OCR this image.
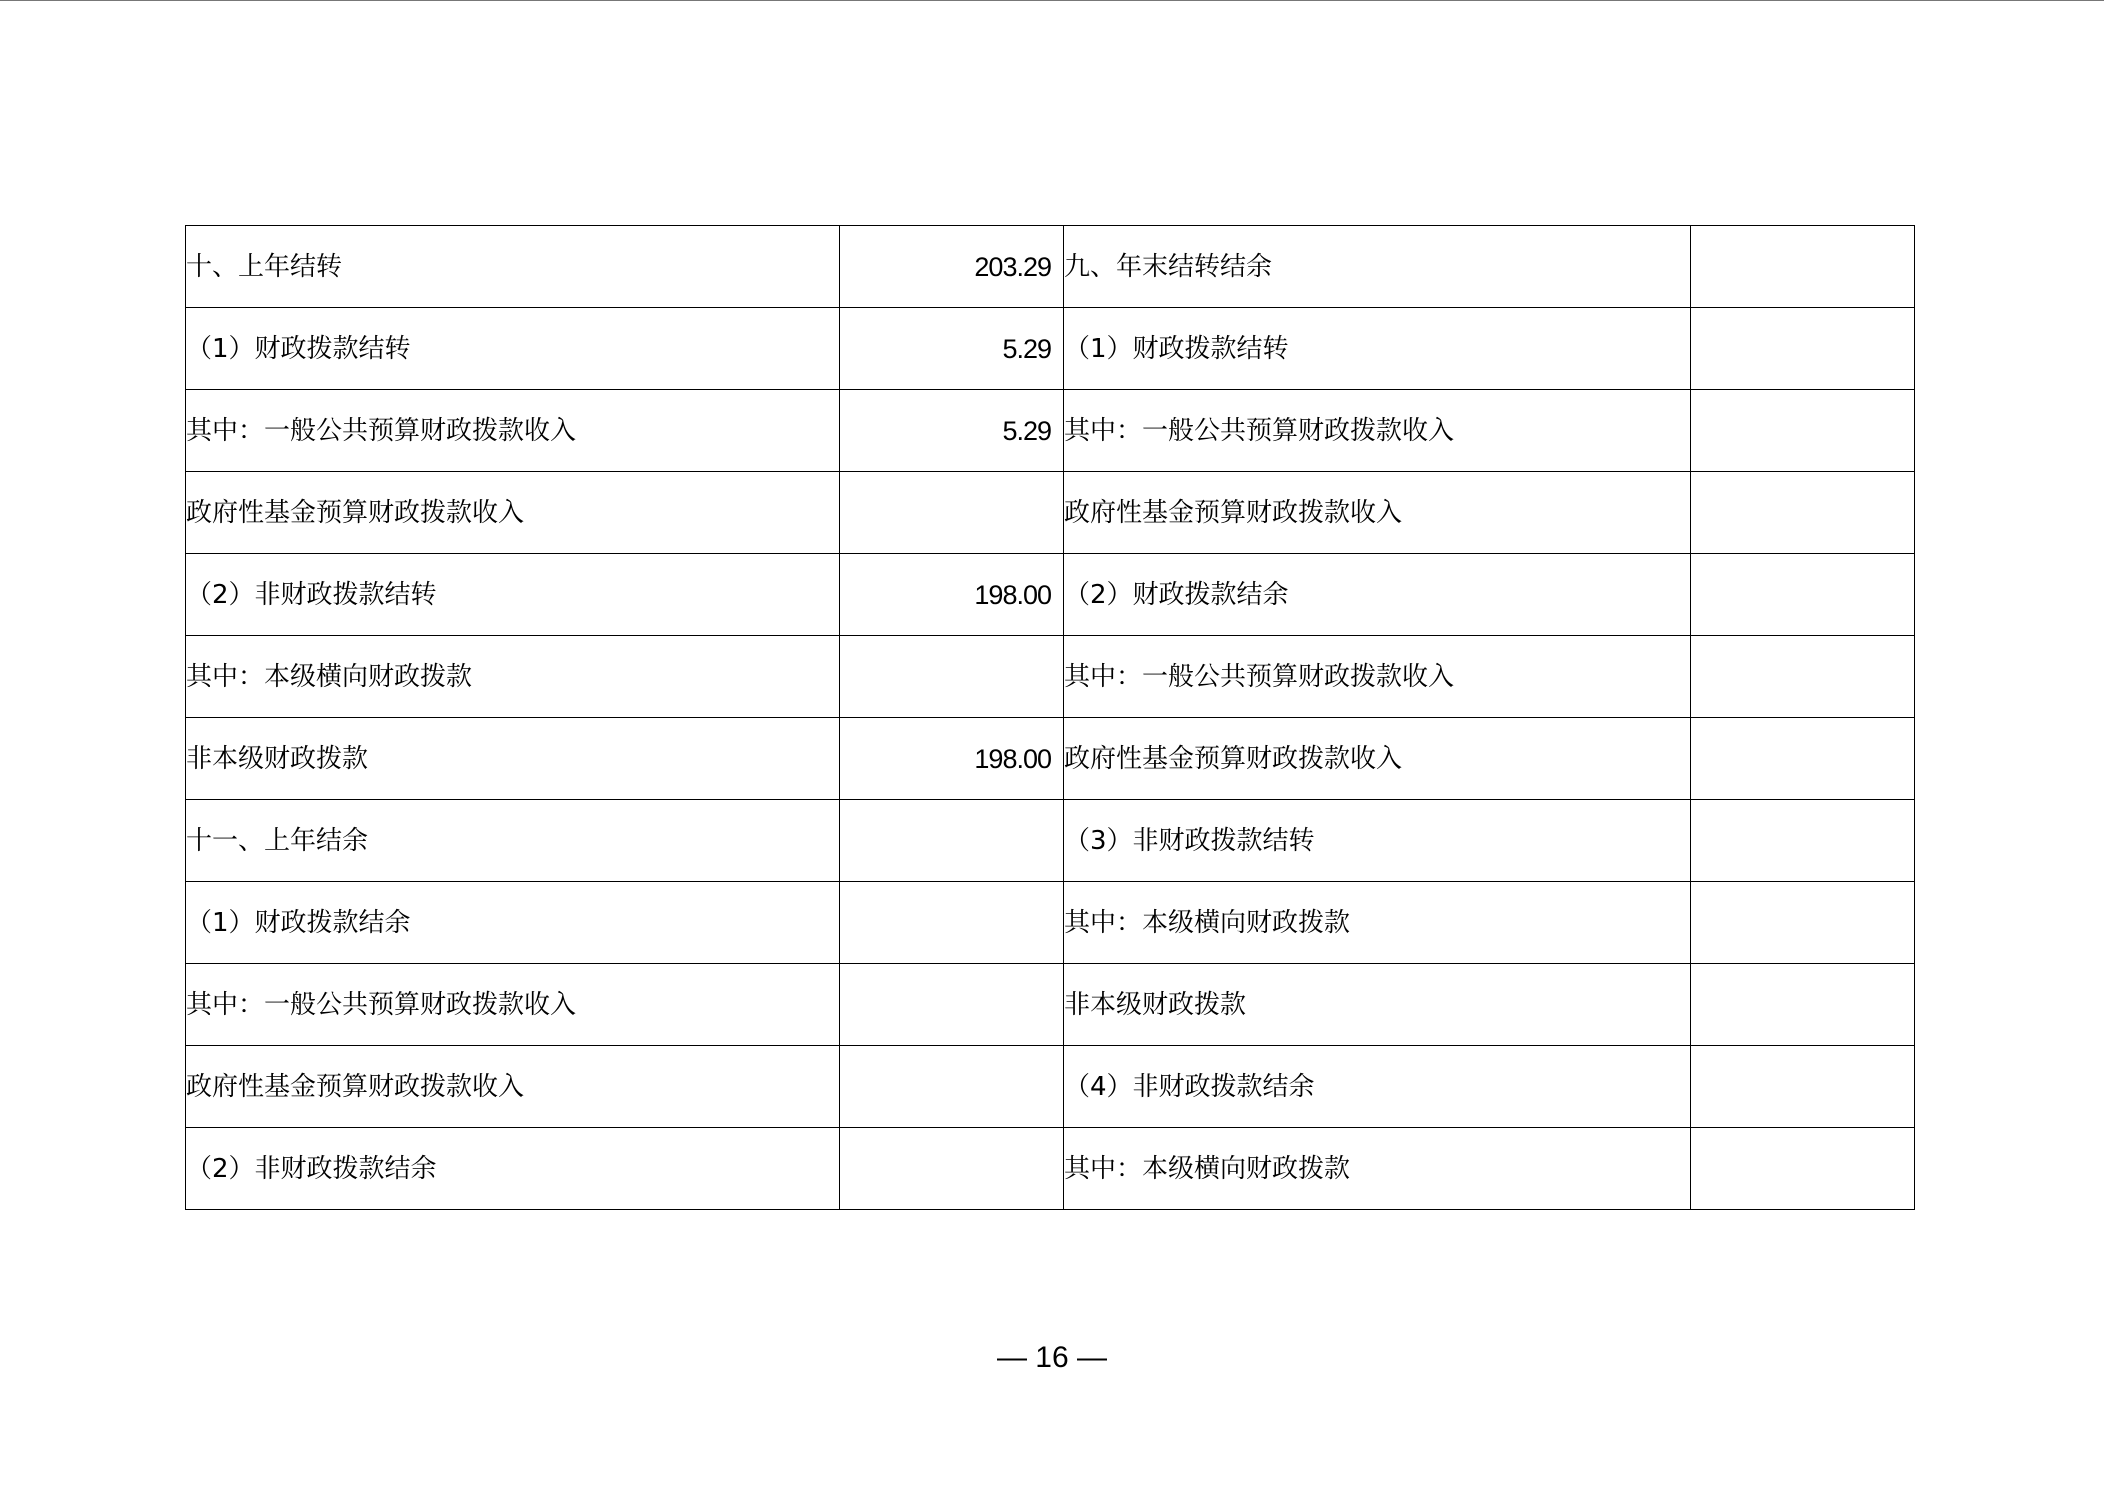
十、上年结转	203.29	九、年末结转结余	
（1）财政拨款结转	5.29	（1）财政拨款结转	
其中：一般公共预算财政拨款收入	5.29	其中：一般公共预算财政拨款收入	
政府性基金预算财政拨款收入		政府性基金预算财政拨款收入	
（2）非财政拨款结转	198.00	（2）财政拨款结余	
其中：本级横向财政拨款		其中：一般公共预算财政拨款收入	
非本级财政拨款	198.00	政府性基金预算财政拨款收入	
十一、上年结余		（3）非财政拨款结转	
（1）财政拨款结余		其中：本级横向财政拨款	
其中：一般公共预算财政拨款收入		非本级财政拨款	
政府性基金预算财政拨款收入		（4）非财政拨款结余	
（2）非财政拨款结余		其中：本级横向财政拨款	
— 16 —
